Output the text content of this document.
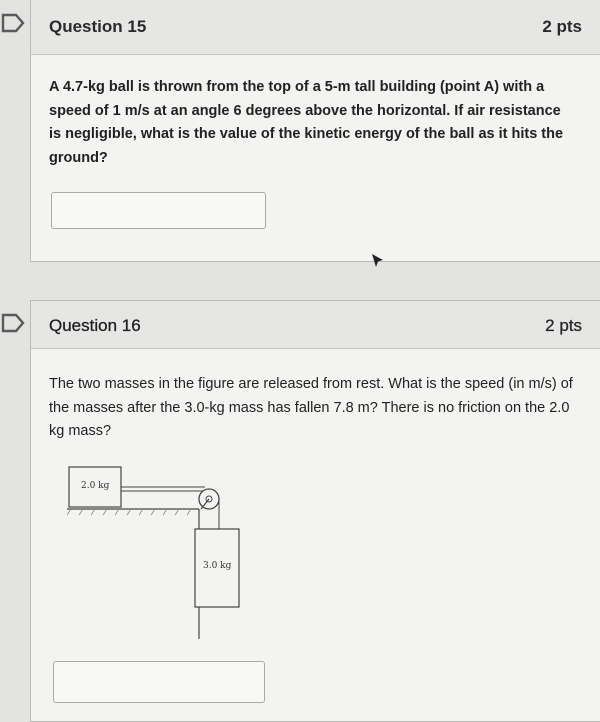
Question 15	2 pts
A 4.7-kg ball is thrown from the top of a 5-m tall building (point A) with a speed of 1 m/s at an angle 6 degrees above the horizontal. If air resistance is negligible, what is the value of the kinetic energy of the ball as it hits the ground?
Question 16	2 pts
The two masses in the figure are released from rest. What is the speed (in m/s) of the masses after the 3.0-kg mass has fallen 7.8 m? There is no friction on the 2.0 kg mass?
2.0 kg
3.0 kg
